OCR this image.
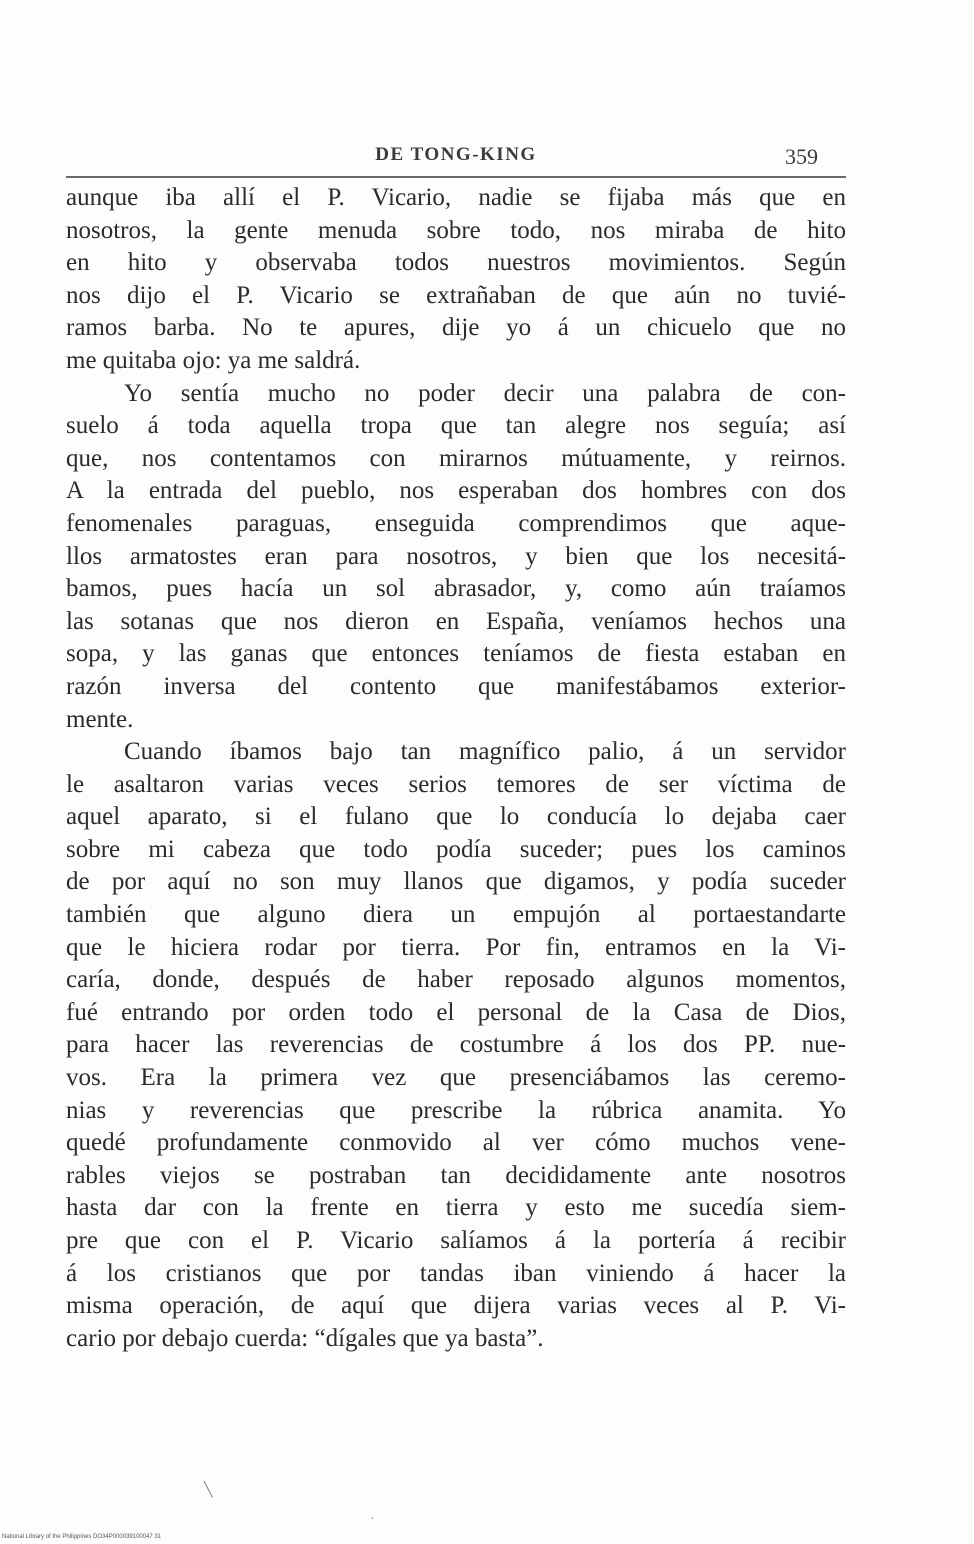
DE TONG-KING	359
aunque iba allí el P. Vicario, nadie se fijaba más que en
nosotros, la gente menuda sobre todo, nos miraba de hito
en hito y observaba todos nuestros movimientos. Según
nos dijo el P. Vicario se extrañaban de que aún no tuvié-
ramos barba. No te apures, dije yo á un chicuelo que no
me quitaba ojo: ya me saldrá.
Yo sentía mucho no poder decir una palabra de con-
suelo á toda aquella tropa que tan alegre nos seguía; así
que, nos contentamos con mirarnos mútuamente, y reirnos.
A la entrada del pueblo, nos esperaban dos hombres con dos
fenomenales paraguas, enseguida comprendimos que aque-
llos armatostes eran para nosotros, y bien que los necesitá-
bamos, pues hacía un sol abrasador, y, como aún traíamos
las sotanas que nos dieron en España, veníamos hechos una
sopa, y las ganas que entonces teníamos de fiesta estaban en
razón inversa del contento que manifestábamos exterior-
mente.
Cuando íbamos bajo tan magnífico palio, á un servidor
le asaltaron varias veces serios temores de ser víctima de
aquel aparato, si el fulano que lo conducía lo dejaba caer
sobre mi cabeza que todo podía suceder; pues los caminos
de por aquí no son muy llanos que digamos, y podía suceder
también que alguno diera un empujón al portaestandarte
que le hiciera rodar por tierra. Por fin, entramos en la Vi-
caría, donde, después de haber reposado algunos momentos,
fué entrando por orden todo el personal de la Casa de Dios,
para hacer las reverencias de costumbre á los dos PP. nue-
vos. Era la primera vez que presenciábamos las ceremo-
nias y reverencias que prescribe la rúbrica anamita. Yo
quedé profundamente conmovido al ver cómo muchos vene-
rables viejos se postraban tan decididamente ante nosotros
hasta dar con la frente en tierra y esto me sucedía siem-
pre que con el P. Vicario salíamos á la portería á recibir
á los cristianos que por tandas iban viniendo á hacer la
misma operación, de aquí que dijera varias veces al P. Vi-
cario por debajo cuerda: “dígales que ya basta”.
╲
·
National Library of the Philippines DO34P000039100047 31
